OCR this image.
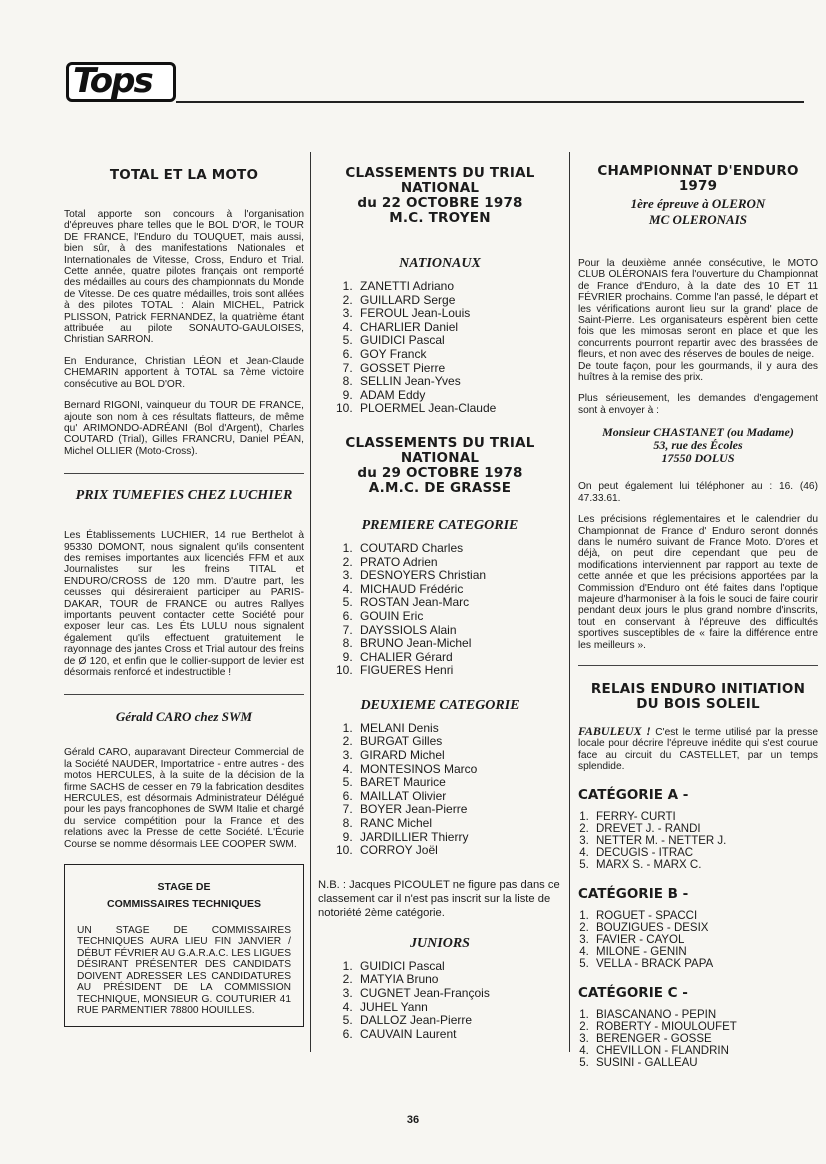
Tops
TOTAL ET LA MOTO

Total apporte son concours à l'organisation d'épreuves phare telles que le BOL D'OR, le TOUR DE FRANCE, l'Enduro du TOUQUET, mais aussi, bien sûr, à des manifestations Nationales et Internationales de Vitesse, Cross, Enduro et Trial. Cette année, quatre pilotes français ont remporté des médailles au cours des championnats du Monde de Vitesse. De ces quatre médailles, trois sont allées à des pilotes TOTAL : Alain MICHEL, Patrick PLISSON, Patrick FERNANDEZ, la quatrième étant attribuée au pilote SONAUTO-GAULOISES, Christian SARRON.

En Endurance, Christian LÉON et Jean-Claude CHEMARIN apportent à TOTAL sa 7ème victoire consécutive au BOL D'OR.

Bernard RIGONI, vainqueur du TOUR DE FRANCE, ajoute son nom à ces résultats flatteurs, de même qu' ARIMONDO-ADRÉANI (Bol d'Argent), Charles COUTARD (Trial), Gilles FRANCRU, Daniel PÉAN, Michel OLLIER (Moto-Cross).

PRIX TUMEFIES CHEZ LUCHIER

Les Établissements LUCHIER, 14 rue Berthelot à 95330 DOMONT, nous signalent qu'ils consentent des remises importantes aux licenciés FFM et aux Journalistes sur les freins TITAL et ENDURO/CROSS de 120 mm. D'autre part, les ceusses qui désireraient participer au PARIS-DAKAR, TOUR de FRANCE ou autres Rallyes importants peuvent contacter cette Société pour exposer leur cas. Les Éts LULU nous signalent également qu'ils effectuent gratuitement le rayonnage des jantes Cross et Trial autour des freins de Ø 120, et enfin que le collier-support de levier est désormais renforcé et indestructible !

Gérald CARO chez SWM

Gérald CARO, auparavant Directeur Commercial de la Société NAUDER, Importatrice - entre autres - des motos HERCULES, à la suite de la décision de la firme SACHS de cesser en 79 la fabrication desdites HERCULES, est désormais Administrateur Délégué pour les pays francophones de SWM Italie et chargé du service compétition pour la France et des relations avec la Presse de cette Société. L'Écurie Course se nomme désormais LEE COOPER SWM.

STAGE DE
COMMISSAIRES TECHNIQUES
UN STAGE DE COMMISSAIRES TECHNIQUES AURA LIEU FIN JANVIER / DÉBUT FÉVRIER AU G.A.R.A.C. LES LIGUES DÉSIRANT PRÉSENTER DES CANDIDATS DOIVENT ADRESSER LES CANDIDATURES AU PRÉSIDENT DE LA COMMISSION TECHNIQUE, MONSIEUR G. COUTURIER 41 RUE PARMENTIER 78800 HOUILLES.
CLASSEMENTS DU TRIAL NATIONAL
du 22 OCTOBRE 1978
M.C. TROYEN
NATIONAUX
1. ZANETTI Adriano
2. GUILLARD Serge
3. FEROUL Jean-Louis
4. CHARLIER Daniel
5. GUIDICI Pascal
6. GOY Franck
7. GOSSET Pierre
8. SELLIN Jean-Yves
9. ADAM Eddy
10. PLOERMEL Jean-Claude
CLASSEMENTS DU TRIAL NATIONAL
du 29 OCTOBRE 1978
A.M.C. DE GRASSE
PREMIERE CATEGORIE
1. COUTARD Charles
2. PRATO Adrien
3. DESNOYERS Christian
4. MICHAUD Frédéric
5. ROSTAN Jean-Marc
6. GOUIN Eric
7. DAYSSIOLS Alain
8. BRUNO Jean-Michel
9. CHALIER Gérard
10. FIGUERES Henri
DEUXIEME CATEGORIE
1. MELANI Denis
2. BURGAT Gilles
3. GIRARD Michel
4. MONTESINOS Marco
5. BARET Maurice
6. MAILLAT Olivier
7. BOYER Jean-Pierre
8. RANC Michel
9. JARDILLIER Thierry
10. CORROY Joël

N.B. : Jacques PICOULET ne figure pas dans ce classement car il n'est pas inscrit sur la liste de notoriété 2ème catégorie.

JUNIORS
1. GUIDICI Pascal
2. MATYIA Bruno
3. CUGNET Jean-François
4. JUHEL Yann
5. DALLOZ Jean-Pierre
6. CAUVAIN Laurent
CHAMPIONNAT D'ENDURO 1979
1ère épreuve à OLERON
MC OLERONAIS

Pour la deuxième année consécutive, le MOTO CLUB OLÉRONAIS fera l'ouverture du Championnat de France d'Enduro, à la date des 10 ET 11 FÉVRIER prochains. Comme l'an passé, le départ et les vérifications auront lieu sur la grand' place de Saint-Pierre. Les organisateurs espèrent bien cette fois que les mimosas seront en place et que les concurrents pourront repartir avec des brassées de fleurs, et non avec des réserves de boules de neige.

De toute façon, pour les gourmands, il y aura des huîtres à la remise des prix.

Plus sérieusement, les demandes d'engagement sont à envoyer à :

Monsieur CHASTANET (ou Madame)
53, rue des Écoles
17550 DOLUS

On peut également lui téléphoner au : 16. (46) 47.33.61.

Les précisions réglementaires et le calendrier du Championnat de France d' Enduro seront donnés dans le numéro suivant de France Moto. D'ores et déjà, on peut dire cependant que peu de modifications interviennent par rapport au texte de cette année et que les précisions apportées par la Commission d'Enduro ont été faites dans l'optique majeure d'harmoniser à la fois le souci de faire courir pendant deux jours le plus grand nombre d'inscrits, tout en conservant à l'épreuve des difficultés sportives susceptibles de « faire la différence entre les meilleurs ».

RELAIS ENDURO INITIATION
DU BOIS SOLEIL

FABULEUX ! C'est le terme utilisé par la presse locale pour décrire l'épreuve inédite qui s'est courue face au circuit du CASTELLET, par un temps splendide.

CATÉGORIE A -
1. FERRY- CURTI
2. DREVET J. - RANDI
3. NETTER M. - NETTER J.
4. DECUGIS - ITRAC
5. MARX S. - MARX C.
CATÉGORIE B -
1. ROGUET - SPACCI
2. BOUZIGUES - DESIX
3. FAVIER - CAYOL
4. MILONE - GENIN
5. VELLA - BRACK PAPA
CATÉGORIE C -
1. BIASCANANO - PEPIN
2. ROBERTY - MIOULOUFET
3. BERENGER - GOSSE
4. CHEVILLON - FLANDRIN
5. SUSINI - GALLEAU
36
